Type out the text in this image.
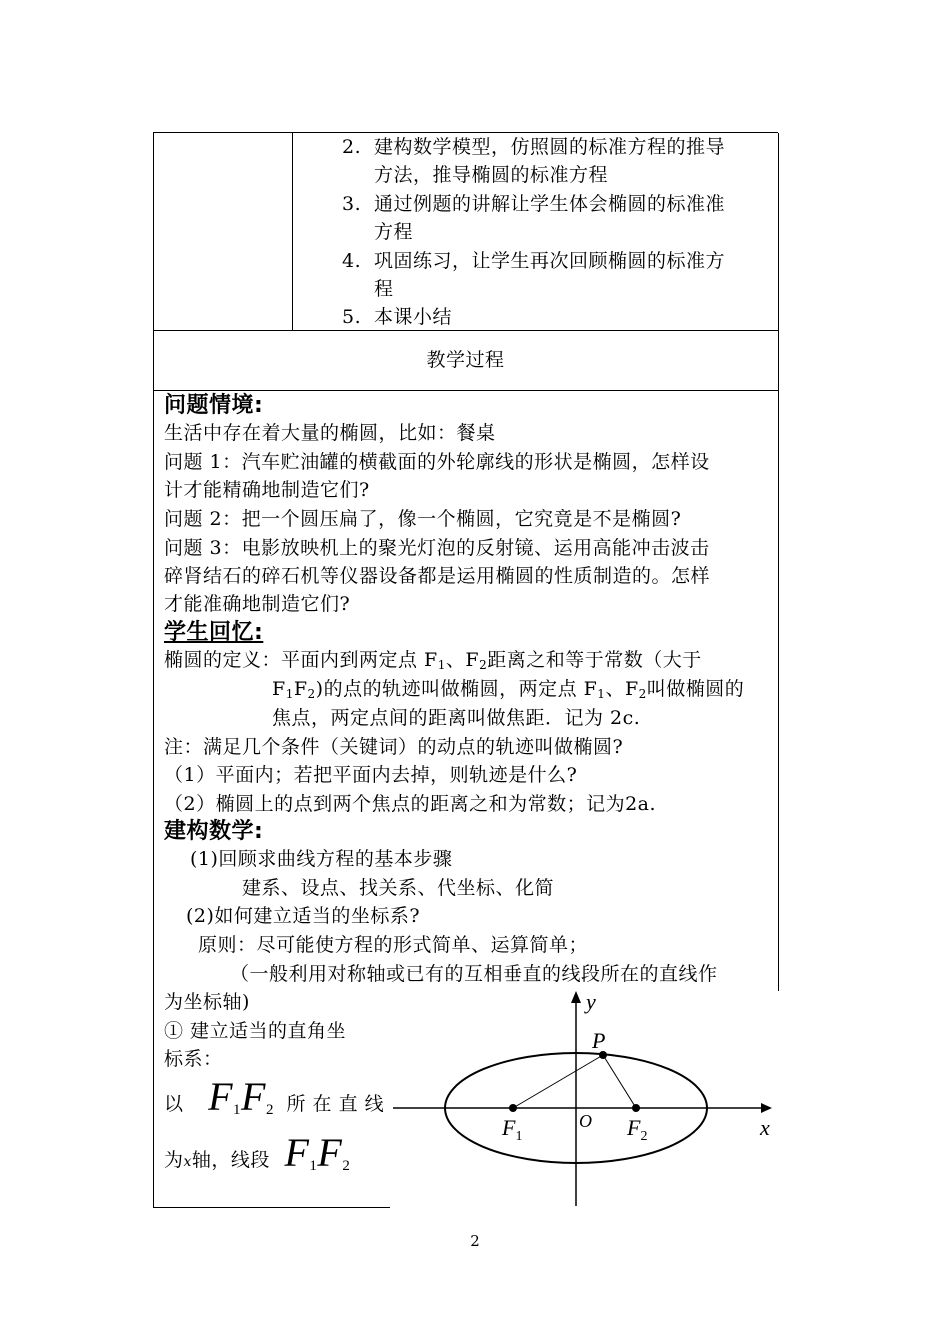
2. 建构数学模型，仿照圆的标准方程的推导
方法，推导椭圆的标准方程
3. 通过例题的讲解让学生体会椭圆的标准准
方程
4. 巩固练习，让学生再次回顾椭圆的标准方
程
5. 本课小结
教学过程
问题情境:
生活中存在着大量的椭圆，比如：餐桌
问题 1：汽车贮油罐的横截面的外轮廓线的形状是椭圆，怎样设
计才能精确地制造它们?
问题 2：把一个圆压扁了，像一个椭圆，它究竟是不是椭圆?
问题 3：电影放映机上的聚光灯泡的反射镜、运用高能冲击波击
碎肾结石的碎石机等仪器设备都是运用椭圆的性质制造的。怎样
才能准确地制造它们?
学生回忆:
椭圆的定义：平面内到两定点 $F_1$、$F_2$距离之和等于常数（大于
$F_1F_2$)的点的轨迹叫做椭圆，两定点 $F_1$、$F_2$叫做椭圆的
焦点，两定点间的距离叫做焦距．记为 2c.
注：满足几个条件（关键词）的动点的轨迹叫做椭圆?
（1）平面内；若把平面内去掉，则轨迹是什么?
（2）椭圆上的点到两个焦点的距离之和为常数；记为2a.
建构数学:
(1)回顾求曲线方程的基本步骤
建系、设点、找关系、代坐标、化简
(2)如何建立适当的坐标系?
原则：尽可能使方程的形式简单、运算简单；
（一般利用对称轴或已有的互相垂直的线段所在的直线作
为坐标轴)
① 建立适当的直角坐
标系：
以 F1F2 所 在 直 线
为x轴，线段 F1F2
y
x
P
O
$F_1$	$F_2$
2
